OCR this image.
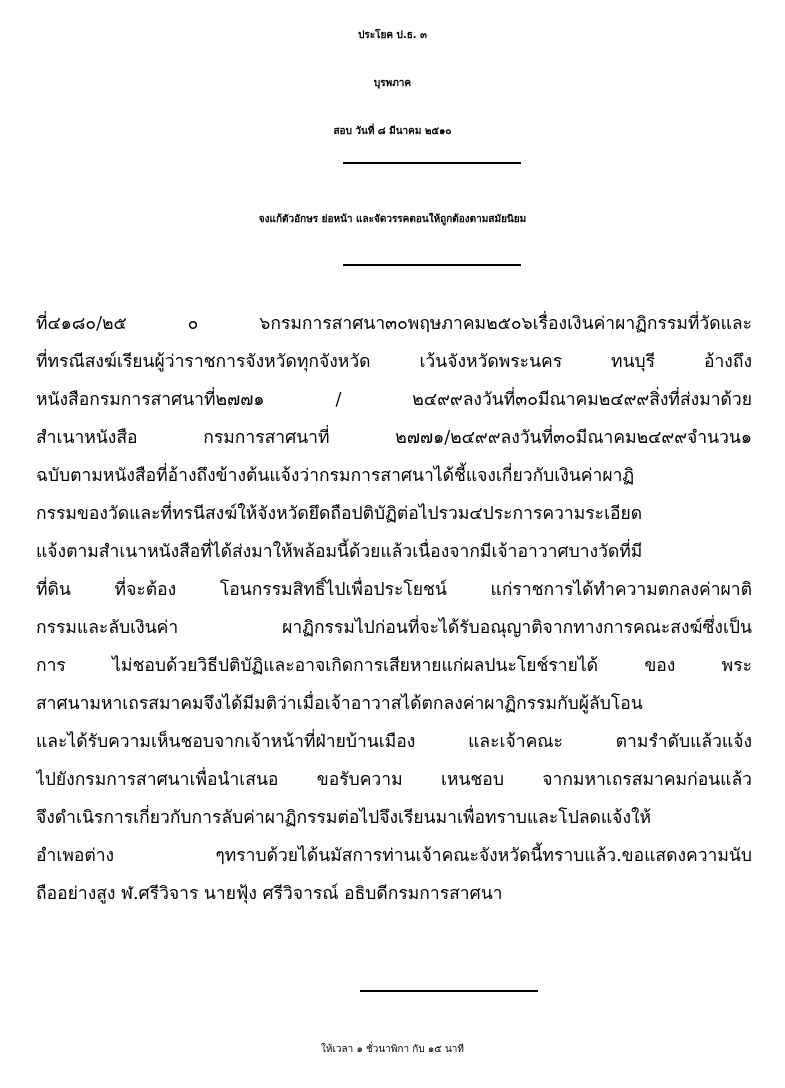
ประโยค ป.ธ. ๓
บุรพภาค
สอบ วันที่ ๘ มีนาคม ๒๕๑๐
จงแก้ตัวอักษร ย่อหน้า และจัดวรรคตอนให้ถูกต้องตามสมัยนิยม
ที่๔๑๘๐/๒๕ ๐ ๖กรมการสาศนา๓๐พฤษภาคม๒๕๐๖เรื่องเงินค่าผาฏิกรรมที่วัดและ
ที่ทรณีสงฆ์เรียนผู้ว่าราชการจังหวัดทุกจังหวัด เว้นจังหวัดพระนคร ทนบุรี อ้างถึง
หนังสือกรมการสาศนาที่๒๗๗๑ / ๒๔๙๙ลงวันที่๓๐มีณาคม๒๔๙๙สิ่งที่ส่งมาด้วย
สำเนาหนังสือ กรมการสาศนาที่ ๒๗๗๑/๒๔๙๙ลงวันที่๓๐มีณาคม๒๔๙๙จำนวน๑
ฉบับตามหนังสือที่อ้างถึงข้างต้นแจ้งว่ากรมการสาศนาได้ชี้แจงเกี่ยวกับเงินค่าผาฏิ
กรรมของวัดและที่ทรนีสงฆ์ให้จังหวัดยึดถือปติบัฏิต่อไปรวม๔ประการความระเอียด
แจ้งตามสำเนาหนังสือที่ได้ส่งมาให้พล้อมนี้ด้วยแล้วเนื่องจากมีเจ้าอาวาศบางวัดที่มี
ที่ดิน ที่จะต้อง โอนกรรมสิทธิ์ไปเพื่อประโยชน์ แก่ราชการได้ทำความตกลงค่าผาติ
กรรมและลับเงินค่า ผาฏิกรรมไปก่อนที่จะได้รับอณุญาติจากทางการคณะสงฆ์ซึ่งเป็น
การ ไม่ชอบด้วยวิธีปติบัฏิและอาจเกิดการเสียหายแก่ผลปนะโยช์รายได้ ของ พระ
สาศนามหาเถรสมาคมจึงได้มีมติว่าเมื่อเจ้าอาวาสได้ตกลงค่าผาฏิกรรมกับผู้ลับโอน
และได้รับความเห็นชอบจากเจ้าหน้าที่ฝ่ายบ้านเมือง และเจ้าคณะ ตามรำดับแล้วแจ้ง
ไปยังกรมการสาศนาเพื่อนำเสนอ ขอรับความ เหนชอบ จากมหาเถรสมาคมก่อนแล้ว
จึงดำเนิรการเกี่ยวกับการลับค่าผาฏิกรรมต่อไปจึงเรียนมาเพื่อทราบและโปลดแจ้งให้
อำเพอต่าง ๆทราบด้วยได้นมัสการท่านเจ้าคณะจังหวัดนี้ทราบแล้ว.ขอแสดงความนับ
ถืออย่างสูง ฬ.ศรีวิจาร นายฟุ้ง ศรีวิจารณ์ อธิบดีกรมการสาศนา
ให้เวลา ๑ ชั่วนาพิกา กับ ๑๕ นาที
